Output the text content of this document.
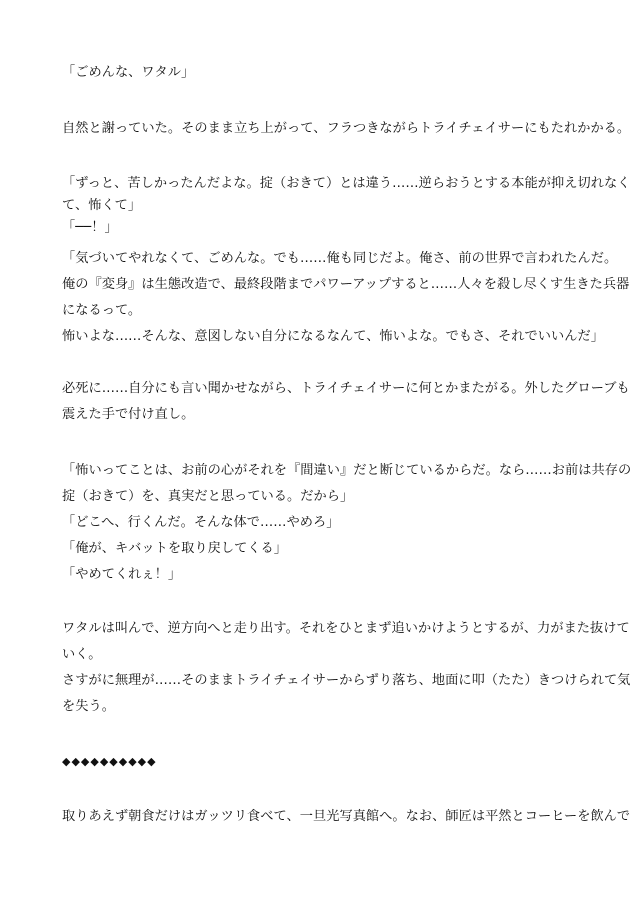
「ごめんな、ワタル」
自然と謝っていた。そのまま立ち上がって、フラつきながらトライチェイサーにもたれかかる。
「ずっと、苦しかったんだよな。掟（おきて）とは違う……逆らおうとする本能が抑え切れなく
て、怖くて」
「──！」
「気づいてやれなくて、ごめんな。でも……俺も同じだよ。俺さ、前の世界で言われたんだ。
俺の『変身』は生態改造で、最終段階までパワーアップすると……人々を殺し尽くす生きた兵器
になるって。
怖いよな……そんな、意図しない自分になるなんて、怖いよな。でもさ、それでいいんだ」
必死に……自分にも言い聞かせながら、トライチェイサーに何とかまたがる。外したグローブも
震えた手で付け直し。
「怖いってことは、お前の心がそれを『間違い』だと断じているからだ。なら……お前は共存の
掟（おきて）を、真実だと思っている。だから」
「どこへ、行くんだ。そんな体で……やめろ」
「俺が、キバットを取り戻してくる」
「やめてくれぇ！」
ワタルは叫んで、逆方向へと走り出す。それをひとまず追いかけようとするが、力がまた抜けて
いく。
さすがに無理が……そのままトライチェイサーからずり落ち、地面に叩（たた）きつけられて気
を失う。
◆◆◆◆◆◆◆◆◆◆
取りあえず朝食だけはガッツリ食べて、一旦光写真館へ。なお、師匠は平然とコーヒーを飲んで
